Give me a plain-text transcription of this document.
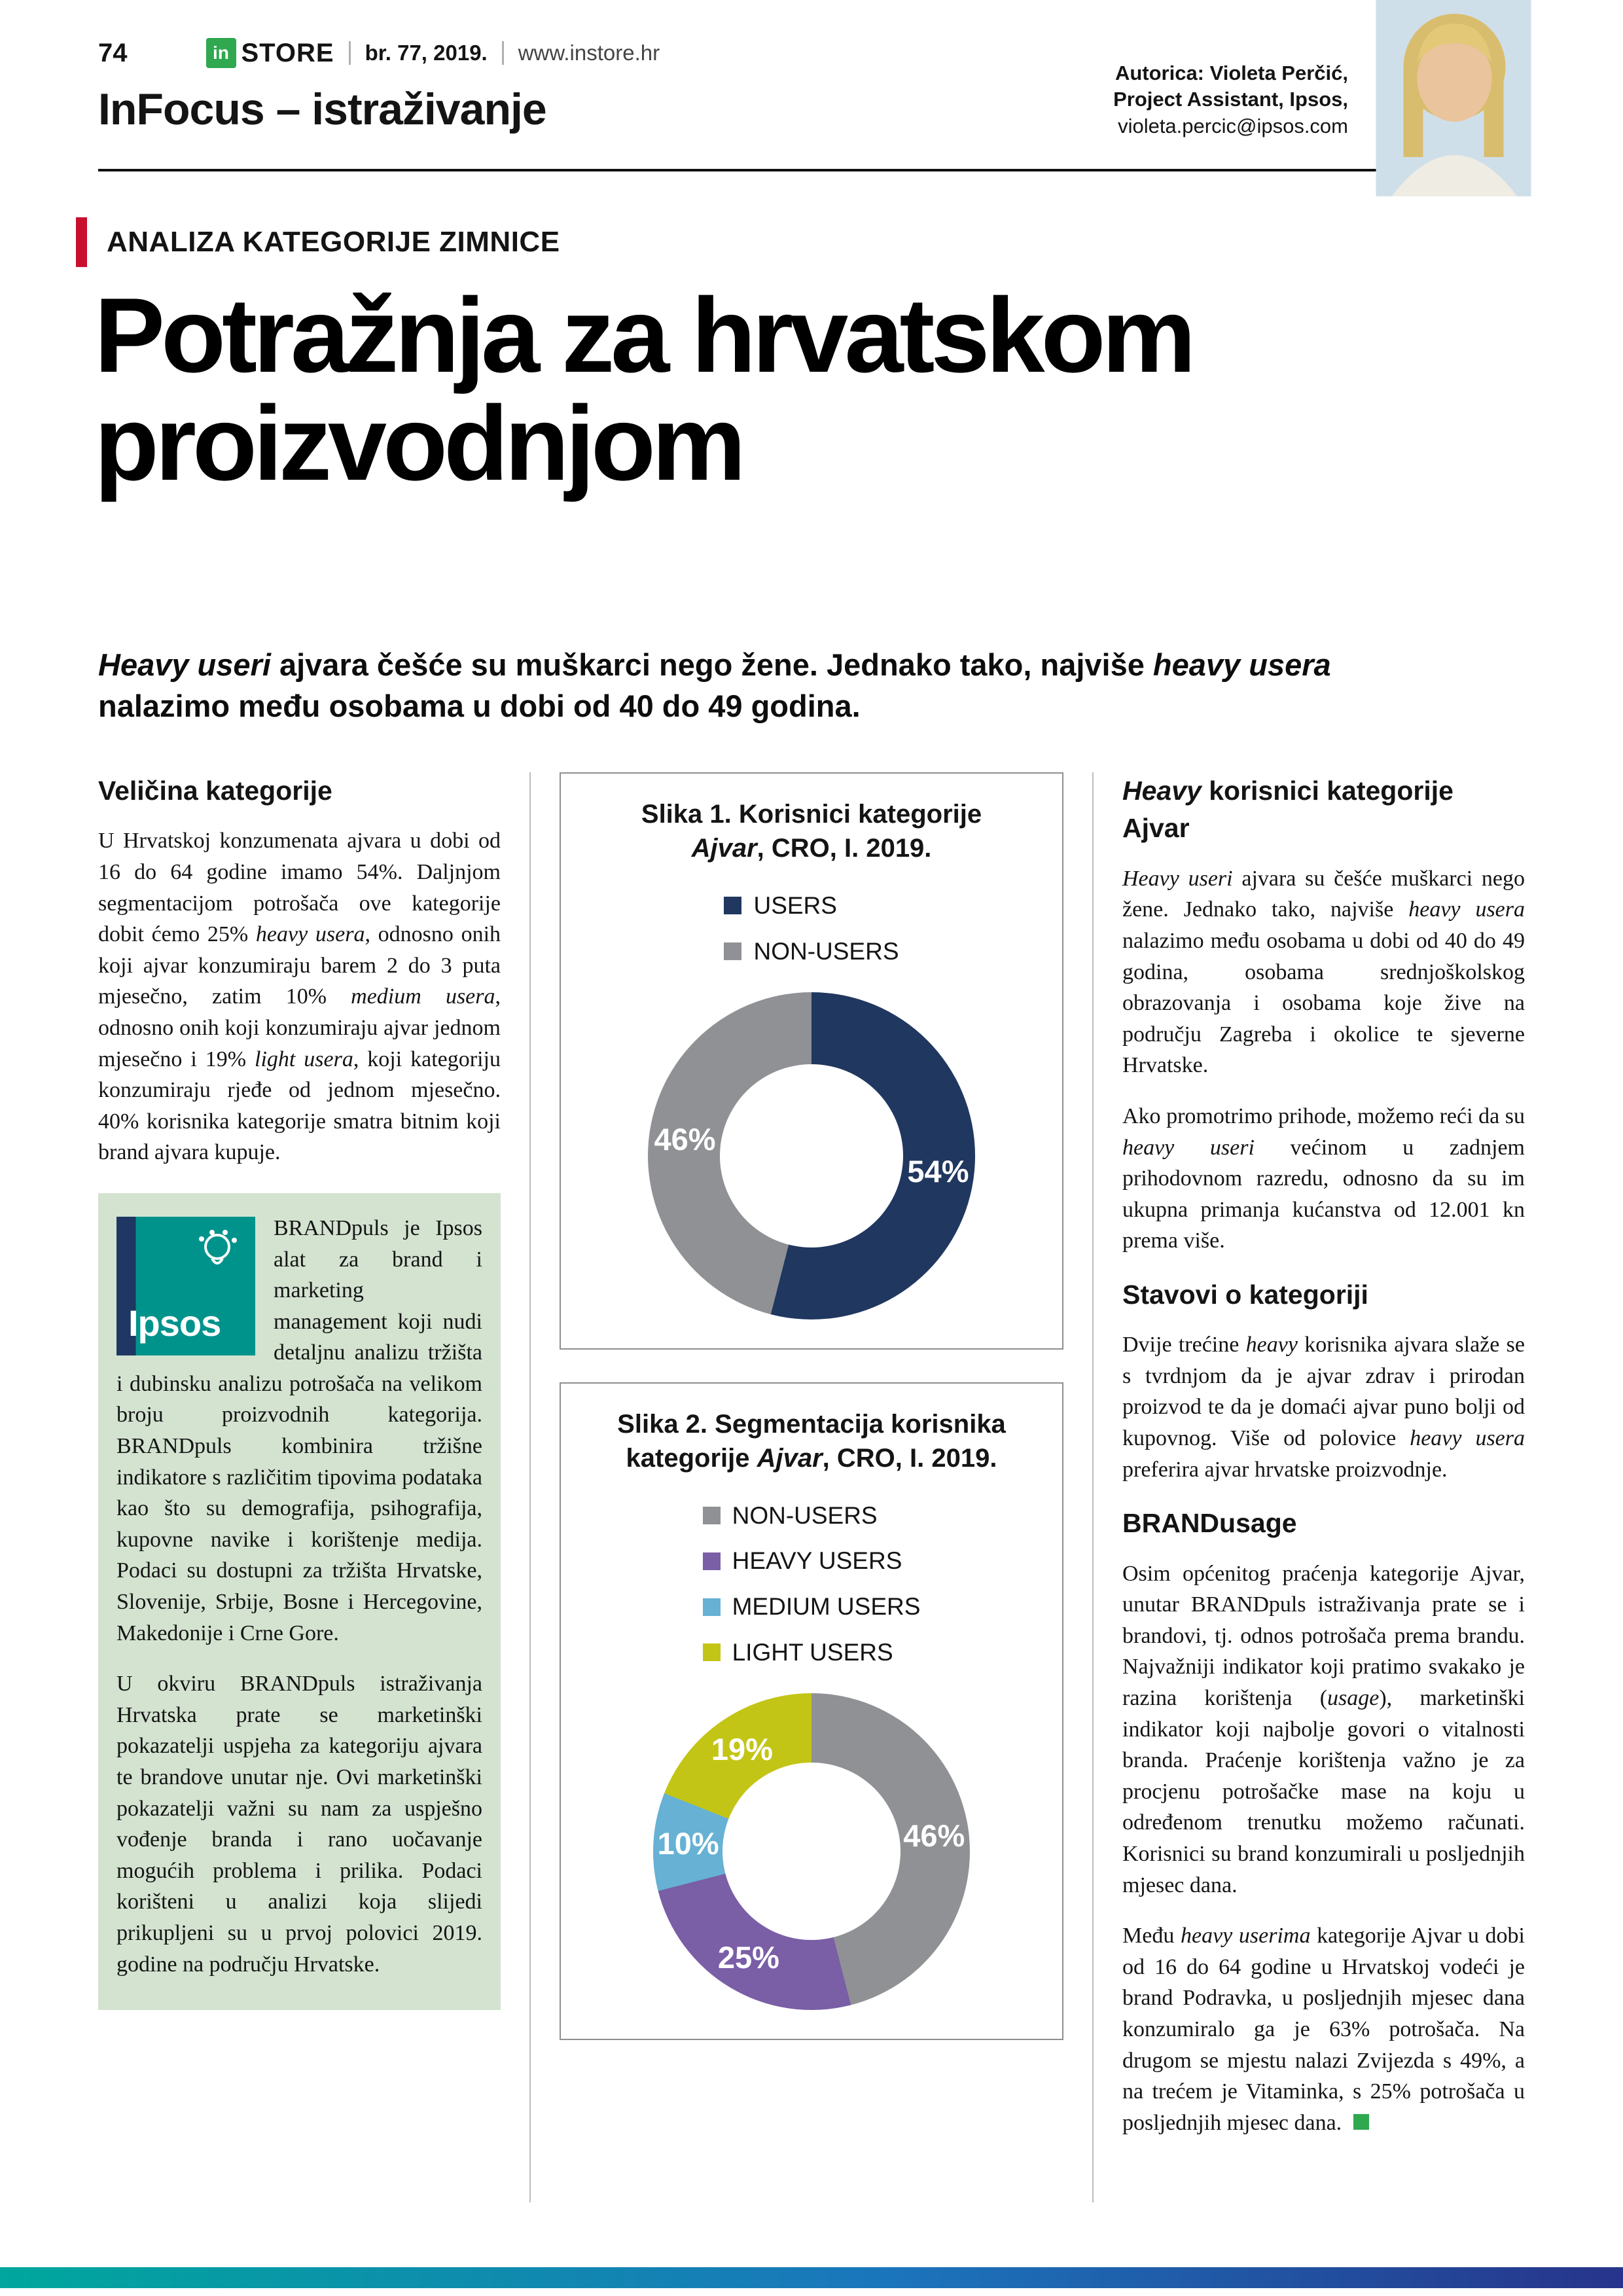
74	in STORE br. 77, 2019. www.instore.hr
InFocus – istraživanje
Autorica: Violeta Perčić,
Project Assistant, Ipsos,
violeta.percic@ipsos.com
ANALIZA KATEGORIJE ZIMNICE
Potražnja za hrvatskom
proizvodnjom
Heavy useri ajvara češće su muškarci nego žene. Jednako tako, najviše heavy usera nalazimo među osobama u dobi od 40 do 49 godina.
Veličina kategorije

U Hrvatskoj konzumenata ajvara u dobi od 16 do 64 godine imamo 54%. Daljnjom segmentacijom potrošača ove kategorije dobit ćemo 25% heavy usera, odnosno onih koji ajvar konzumiraju barem 2 do 3 puta mjesečno, zatim 10% medium usera, odnosno onih koji konzumiraju ajvar jednom mjesečno i 19% light usera, koji kategoriju konzumiraju rjeđe od jednom mjesečno. 40% korisnika kategorije smatra bitnim koji brand ajvara kupuje.

Ipsos

BRANDpuls je Ipsos alat za brand i marketing management koji nudi detaljnu analizu tržišta i dubinsku analizu potrošača na velikom broju proizvodnih kategorija. BRANDpuls kombinira tržišne indikatore s različitim tipovima podataka kao što su demografija, psihografija, kupovne navike i korištenje medija. Podaci su dostupni za tržišta Hrvatske, Slovenije, Srbije, Bosne i Hercegovine, Makedonije i Crne Gore.

U okviru BRANDpuls istraživanja Hrvatska prate se marketinški pokazatelji uspjeha za kategoriju ajvara te brandove unutar nje. Ovi marketinški pokazatelji važni su nam za uspješno vođenje branda i rano uočavanje mogućih problema i prilika. Podaci korišteni u analizi koja slijedi prikupljeni su u prvoj polovici 2019. godine na području Hrvatske.

Slika 1. Korisnici kategorije Ajvar, CRO, I. 2019.
USERS
NON-USERS
54%
46%
Slika 2. Segmentacija korisnika kategorije Ajvar, CRO, I. 2019.
NON-USERS
HEAVY USERS
MEDIUM USERS
LIGHT USERS
46%
25%
10%
19%
Heavy korisnici kategorije Ajvar

Heavy useri ajvara su češće muškarci nego žene. Jednako tako, najviše heavy usera nalazimo među osobama u dobi od 40 do 49 godina, osobama srednjoškolskog obrazovanja i osobama koje žive na području Zagreba i okolice te sjeverne Hrvatske.

Ako promotrimo prihode, možemo reći da su heavy useri većinom u zadnjem prihodovnom razredu, odnosno da su im ukupna primanja kućanstva od 12.001 kn prema više.

Stavovi o kategoriji

Dvije trećine heavy korisnika ajvara slaže se s tvrdnjom da je ajvar zdrav i prirodan proizvod te da je domaći ajvar puno bolji od kupovnog. Više od polovice heavy usera preferira ajvar hrvatske proizvodnje.

BRANDusage

Osim općenitog praćenja kategorije Ajvar, unutar BRANDpuls istraživanja prate se i brandovi, tj. odnos potrošača prema brandu. Najvažniji indikator koji pratimo svakako je razina korištenja (usage), marketinški indikator koji najbolje govori o vitalnosti branda. Praćenje korištenja važno je za procjenu potrošačke mase na koju u određenom trenutku možemo računati. Korisnici su brand konzumirali u posljednjih mjesec dana.

Među heavy userima kategorije Ajvar u dobi od 16 do 64 godine u Hrvatskoj vodeći je brand Podravka, u posljednjih mjesec dana konzumiralo ga je 63% potrošača. Na drugom se mjestu nalazi Zvijezda s 49%, a na trećem je Vitaminka, s 25% potrošača u posljednjih mjesec dana.
